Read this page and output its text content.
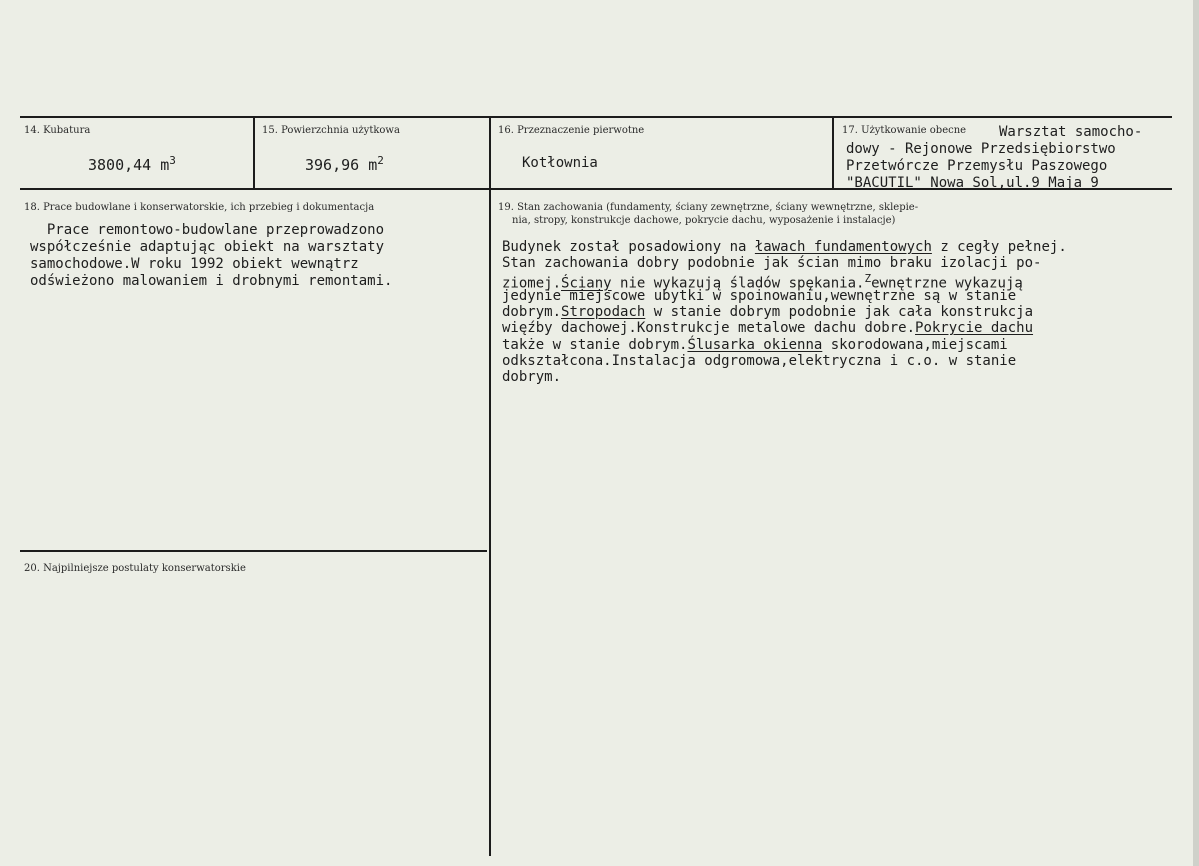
14. Kubatura
3800,44 $m^3$
15. Powierzchnia użytkowa
396,96 $m^2$
16. Przeznaczenie pierwotne
Kotłownia
17. Użytkowanie obecne Warsztat samocho-
dowy - Rejonowe Przedsiębiorstwo
Przetwórcze Przemysłu Paszowego
"BACUTIL" Nowa Sol,ul.9 Maja 9
18. Prace budowlane i konserwatorskie, ich przebieg i dokumentacja
Prace remontowo-budowlane przeprowadzono
współcześnie adaptując obiekt na warsztaty
samochodowe.W roku 1992 obiekt wewnątrz
odświeżono malowaniem i drobnymi remontami.
19. Stan zachowania (fundamenty, ściany zewnętrzne, ściany wewnętrzne, sklepie-
nia, stropy, konstrukcje dachowe, pokrycie dachu, wyposażenie i instalacje)
Budynek został posadowiony na ławach fundamentowych z cegły pełnej.
Stan zachowania dobry podobnie jak ścian mimo braku izolacji po-
ziomej.Ściany nie wykazują śladów spękania.$^Z$ewnętrzne wykazują
jedynie miejscowe ubytki w spoinowaniu,wewnętrzne są w stanie
dobrym.Stropodach w stanie dobrym podobnie jak cała konstrukcja
więźby dachowej.Konstrukcje metalowe dachu dobre.Pokrycie dachu
także w stanie dobrym.Ślusarka okienna skorodowana,miejscami
odkształcona.Instalacja odgromowa,elektryczna i c.o. w stanie
dobrym.
20. Najpilniejsze postulaty konserwatorskie
